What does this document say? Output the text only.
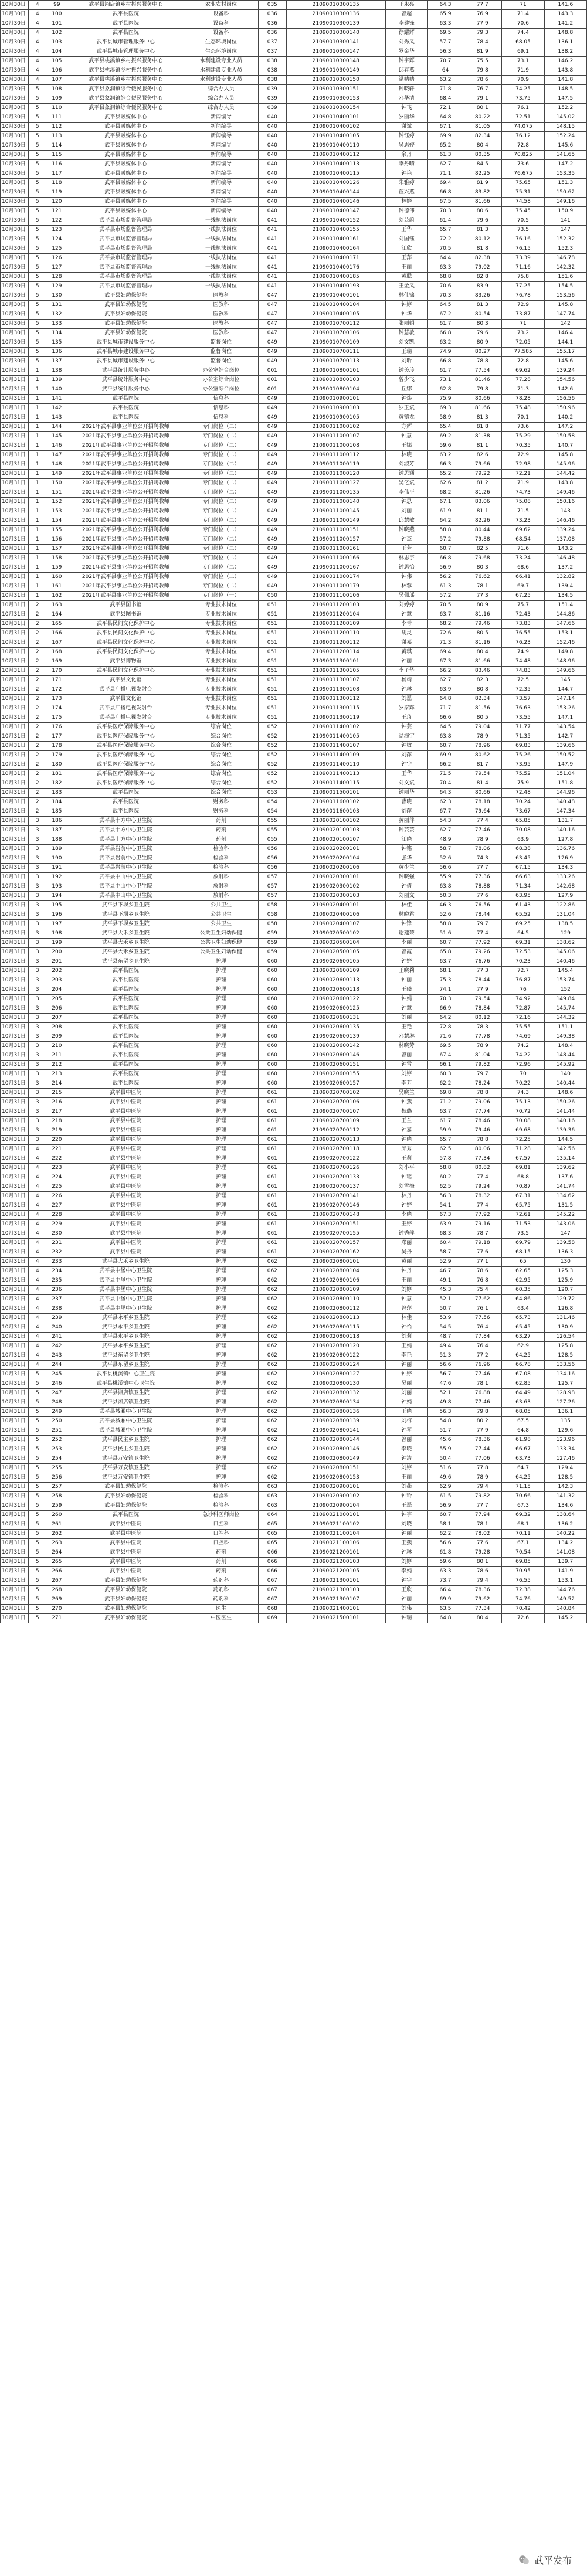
10月30日	4	99	武平县湘店镇乡村振兴服务中心	农业农村岗位	035	21090010300135	王永亮	64.3	77.7	71	141.6
10月30日	4	100	武平县医院	设备科	036	21090010300136	曾超	65.9	76.9	71.4	143.3
10月30日	4	101	武平县医院	设备科	036	21090010300139	李建锋	63.3	77.9	70.6	141.2
10月30日	4	102	武平县医院	设备科	036	21090010300140	徐耀辉	69.5	79.3	74.4	148.8
10月30日	4	103	武平县城市管理服务中心	生态环境岗位	037	21090010300141	刘秀凤	57.7	78.4	68.05	136.1
10月30日	4	104	武平县城市管理服务中心	生态环境岗位	037	21090010300147	罗金华	56.3	81.9	69.1	138.2
10月30日	4	105	武平县桃溪镇乡村振兴服务中心	水利建设专业人员	038	21090010300148	钟宇辉	70.7	75.5	73.1	146.2
10月30日	4	106	武平县桃溪镇乡村振兴服务中心	水利建设专业人员	038	21090010300149	邱春燕	64	79.8	71.9	143.8
10月30日	4	107	武平县桃溪镇乡村振兴服务中心	水利建设专业人员	038	21090010300150	温婧婧	63.2	78.6	70.9	141.8
10月30日	5	108	武平县象洞镇综合便民服务中心	综合办人员	039	21090010300151	钟晓轩	71.8	76.7	74.25	148.5
10月30日	5	109	武平县象洞镇综合便民服务中心	综合办人员	039	21090010300153	邓华清	68.4	79.1	73.75	147.5
10月30日	5	110	武平县象洞镇综合便民服务中心	综合办人员	039	21090010300154	钟飞	72.1	80.1	76.1	152.2
10月30日	5	111	武平县融媒体中心	新闻编导	040	21090010400101	罗丽华	64.8	80.22	72.51	145.02
10月30日	5	112	武平县融媒体中心	新闻编导	040	21090010400102	谢斌	67.1	81.05	74.075	148.15
10月30日	5	113	武平县融媒体中心	新闻编导	040	21090010400105	钟钰婷	69.9	82.34	76.12	152.24
10月30日	5	114	武平县融媒体中心	新闻编导	040	21090010400110	吴思婷	65.2	80.4	72.8	145.6
10月30日	5	115	武平县融媒体中心	新闻编导	040	21090010400112	余丹	61.3	80.35	70.825	141.65
10月30日	5	116	武平县融媒体中心	新闻编导	040	21090010400113	李丹晴	62.7	84.5	73.6	147.2
10月30日	5	117	武平县融媒体中心	新闻编导	040	21090010400115	钟艳	71.1	82.25	76.675	153.35
10月30日	5	118	武平县融媒体中心	新闻编导	040	21090010400126	朱雅婷	69.4	81.9	75.65	151.3
10月30日	5	119	武平县融媒体中心	新闻编导	040	21090010400144	蓝兴燕	66.8	83.82	75.31	150.62
10月30日	5	120	武平县融媒体中心	新闻编导	040	21090010400146	林婷	67.5	81.66	74.58	149.16
10月30日	5	121	武平县融媒体中心	新闻编导	040	21090010400147	钟德伟	70.3	80.6	75.45	150.9
10月30日	5	122	武平县市场监督管理局	一线执法岗位	041	21090010400152	刘芸蔚	61.4	79.6	70.5	141
10月30日	5	123	武平县市场监督管理局	一线执法岗位	041	21090010400155	王华	65.7	81.3	73.5	147
10月30日	5	124	武平县市场监督管理局	一线执法岗位	041	21090010400161	刘国钰	72.2	80.12	76.16	152.32
10月30日	5	125	武平县市场监督管理局	一线执法岗位	041	21090010400164	江欣	70.5	81.8	76.15	152.3
10月30日	5	126	武平县市场监督管理局	一线执法岗位	041	21090010400171	王萍	64.4	82.38	73.39	146.78
10月30日	5	127	武平县市场监督管理局	一线执法岗位	041	21090010400176	王丽	63.3	79.02	71.16	142.32
10月30日	5	128	武平县市场监督管理局	一线执法岗位	041	21090010400185	黄聪	68.8	82.8	75.8	151.6
10月30日	5	129	武平县市场监督管理局	一线执法岗位	041	21090010400193	王金凤	70.6	83.9	77.25	154.5
10月30日	5	130	武平县妇幼保健院	医教科	047	21090010400101	林佳锦	70.3	83.26	76.78	153.56
10月30日	5	131	武平县妇幼保健院	医教科	047	21090010400104	钟婷	64.5	81.3	72.9	145.8
10月30日	5	132	武平县妇幼保健院	医教科	047	21090010400105	钟华	67.2	80.54	73.87	147.74
10月30日	5	133	武平县妇幼保健院	医教科	047	21090010700112	张丽娟	61.7	80.3	71	142
10月30日	5	134	武平县妇幼保健院	医教科	047	21090010700106	钟慧敏	66.8	79.6	73.2	146.4
10月30日	5	135	武平县城市建设服务中心	监督岗位	049	21090010700109	刘文凯	63.2	80.9	72.05	144.1
10月30日	5	136	武平县城市建设服务中心	监督岗位	049	21090010700111	王瑞	74.9	80.27	77.585	155.17
10月30日	5	137	武平县城市建设服务中心	监督岗位	049	21090010700113	刘昕	66.8	78.8	72.8	145.6
10月31日	1	138	武平县统计服务中心	办公室综合岗位	001	21090010800101	钟美玲	61.7	77.54	69.62	139.24
10月31日	1	139	武平县统计服务中心	办公室综合岗位	001	21090010800103	曾少飞	73.1	81.46	77.28	154.56
10月31日	1	140	武平县统计服务中心	办公室综合岗位	001	21090010800104	丘娜	62.8	79.8	71.3	142.6
10月31日	1	141	武平县医院	信息科	049	21090010900101	钟炜	75.9	80.66	78.28	156.56
10月31日	1	142	武平县医院	信息科	049	21090010900103	罗玉斌	69.3	81.66	75.48	150.96
10月31日	1	143	武平县医院	信息科	049	21090010900105	黄镇龙	58.9	81.3	70.1	140.2
10月31日	1	144	2021年武平县事业单位公开招聘教师	专门岗位（二）	049	21090011000102	方辉	65.4	81.8	73.6	147.2
10月31日	1	145	2021年武平县事业单位公开招聘教师	专门岗位（二）	049	21090011000107	钟慧	69.2	81.38	75.29	150.58
10月31日	1	146	2021年武平县事业单位公开招聘教师	专门岗位（二）	049	21090011000108	王娜	59.6	81.1	70.35	140.7
10月31日	1	147	2021年武平县事业单位公开招聘教师	专门岗位（二）	049	21090011000112	林晓	63.2	82.6	72.9	145.8
10月31日	1	148	2021年武平县事业单位公开招聘教师	专门岗位（二）	049	21090011000119	刘淑芳	66.3	79.66	72.98	145.96
10月31日	1	149	2021年武平县事业单位公开招聘教师	专门岗位（二）	049	21090011000120	钟思涵	65.2	79.22	72.21	144.42
10月31日	1	150	2021年武平县事业单位公开招聘教师	专门岗位（二）	049	21090011000127	吴亿斌	62.6	81.2	71.9	143.8
10月31日	1	151	2021年武平县事业单位公开招聘教师	专门岗位（二）	049	21090011000135	李伟平	68.2	81.26	74.73	149.46
10月31日	1	152	2021年武平县事业单位公开招聘教师	专门岗位（二）	049	21090011000140	钟思	67.1	83.06	75.08	150.16
10月31日	1	153	2021年武平县事业单位公开招聘教师	专门岗位（二）	049	21090011000145	刘丽	61.9	81.1	71.5	143
10月31日	1	154	2021年武平县事业单位公开招聘教师	专门岗位（二）	049	21090011000149	邱慧敏	64.2	82.26	73.23	146.46
10月31日	1	155	2021年武平县事业单位公开招聘教师	专门岗位（二）	049	21090011000151	钟晓燕	58.8	80.44	69.62	139.24
10月31日	1	156	2021年武平县事业单位公开招聘教师	专门岗位（二）	049	21090011000157	钟杰	57.2	79.88	68.54	137.08
10月31日	1	157	2021年武平县事业单位公开招聘教师	专门岗位（二）	049	21090011000161	王芳	60.7	82.5	71.6	143.2
10月31日	1	158	2021年武平县事业单位公开招聘教师	专门岗位（二）	049	21090011000166	林思宇	66.8	79.68	73.24	146.48
10月31日	1	159	2021年武平县事业单位公开招聘教师	专门岗位（二）	049	21090011000167	钟思怡	56.9	80.3	68.6	137.2
10月31日	1	160	2021年武平县事业单位公开招聘教师	专门岗位（二）	049	21090011000174	钟伟	56.2	76.62	66.41	132.82
10月31日	1	161	2021年武平县事业单位公开招聘教师	专门岗位（二）	049	21090011000179	林蓉	61.3	78.1	69.7	139.4
10月31日	1	162	2021年武平县事业单位公开招聘教师	专门岗位（一）	050	21090011100106	吴佩瑶	57.2	77.3	67.25	134.5
10月31日	2	163	武平县图书馆	专业技术岗位	051	21090011200103	刘婷婷	70.5	80.9	75.7	151.4
10月31日	2	164	武平县图书馆	专业技术岗位	051	21090011200104	钟慧	63.7	81.16	72.43	144.86
10月31日	2	165	武平县民间文化保护中心	专业技术岗位	051	21090011200109	李青	68.2	79.46	73.83	147.66
10月31日	2	166	武平县民间文化保护中心	专业技术岗位	051	21090011200110	胡灵	72.6	80.5	76.55	153.1
10月31日	2	167	武平县民间文化保护中心	专业技术岗位	051	21090011200112	谢嘉	71.3	81.16	76.23	152.46
10月31日	2	168	武平县民间文化保护中心	专业技术岗位	051	21090011200114	黄琪	69.4	80.4	74.9	149.8
10月31日	2	169	武平县博物馆	专业技术岗位	051	21090011300101	钟丽	67.3	81.66	74.48	148.96
10月31日	2	170	武平县民间文化保护中心	专业技术岗位	051	21090011300105	李子华	66.2	83.46	74.83	149.66
10月31日	2	171	武平县文化馆	专业技术岗位	051	21090011300107	杨靖	62.7	82.3	72.5	145
10月31日	2	172	武平县广播电视发射台	专业技术岗位	051	21090011300108	钟琳	63.9	80.8	72.35	144.7
10月31日	2	173	武平县文化馆	专业技术岗位	051	21090011300112	刘磊	64.8	82.34	73.57	147.14
10月31日	2	174	武平县广播电视发射台	专业技术岗位	051	21090011300115	罗家辉	71.7	81.56	76.63	153.26
10月31日	2	175	武平县广播电视发射台	专业技术岗位	051	21090011300119	王琦	66.6	80.5	73.55	147.1
10月31日	2	176	武平县医疗保障服务中心	综合岗位	052	21090011400102	钟芸	64.5	79.04	71.77	143.54
10月31日	2	177	武平县医疗保障服务中心	综合岗位	052	21090011400105	温海宁	63.8	78.9	71.35	142.7
10月31日	2	178	武平县医疗保障服务中心	综合岗位	052	21090011400107	钟敏	60.7	78.96	69.83	139.66
10月31日	2	179	武平县医疗保障服务中心	综合岗位	052	21090011400109	刘萍	69.9	80.62	75.26	150.52
10月31日	2	180	武平县医疗保障服务中心	综合岗位	052	21090011400110	钟宇	66.2	81.7	73.95	147.9
10月31日	2	181	武平县医疗保障服务中心	综合岗位	052	21090011400113	王华	71.5	79.54	75.52	151.04
10月31日	2	182	武平县医疗保障服务中心	综合岗位	052	21090011400115	刘文斌	70.4	81.4	75.9	151.8
10月31日	2	183	武平县医院	综合岗位	053	21090011500101	钟丽华	64.3	80.66	72.48	144.96
10月31日	2	184	武平县医院	财务科	054	21090011600102	曹晓	62.3	78.18	70.24	140.48
10月31日	2	185	武平县医院	财务科	054	21090011600103	刘萍	67.7	79.64	73.67	147.34
10月31日	3	186	武平县十方中心卫生院	药剂	055	21090020100102	黄丽萍	54.3	77.4	65.85	131.7
10月31日	3	187	武平县十方中心卫生院	药剂	055	21090020100103	钟芸芸	62.7	77.46	70.08	140.16
10月31日	3	188	武平县十方中心卫生院	药剂	055	21090020100107	江晓	48.9	78.9	63.9	127.8
10月31日	3	189	武平县岩前中心卫生院	检验科	056	21090020200101	钟铭	58.7	78.06	68.38	136.76
10月31日	3	190	武平县岩前中心卫生院	检验科	056	21090020200104	张华	52.6	74.3	63.45	126.9
10月31日	3	191	武平县岩前中心卫生院	检验科	056	21090020200106	黄少兰	56.6	77.7	67.15	134.3
10月31日	3	192	武平县中山中心卫生院	放射科	057	21090020300101	钟晓强	55.9	77.36	66.63	133.26
10月31日	3	193	武平县中山中心卫生院	放射科	057	21090020300102	钟倩	63.8	78.88	71.34	142.68
10月31日	3	194	武平县中山中心卫生院	放射科	057	21090020300103	刘丽文	50.3	77.6	63.95	127.9
10月31日	3	195	武平县下坝乡卫生院	公共卫生	058	21090020400101	林佳	46.3	76.56	61.43	122.86
10月31日	3	196	武平县下坝乡卫生院	公共卫生	058	21090020400106	林晓君	52.6	78.44	65.52	131.04
10月31日	3	197	武平县下坝乡卫生院	公共卫生	058	21090020400107	钟锋	58.8	79.7	69.25	138.5
10月31日	3	198	武平县大禾乡卫生院	公共卫生妇幼保健	059	21090020500102	谢建荣	51.6	77.4	64.5	129
10月31日	3	199	武平县大禾乡卫生院	公共卫生妇幼保健	059	21090020500104	李丽	60.7	77.92	69.31	138.62
10月31日	3	200	武平县大禾乡卫生院	公共卫生妇幼保健	059	21090020500105	曾霞	65.8	79.26	72.53	145.06
10月31日	3	201	武平县东留乡卫生院	护理	060	21090020600105	钟婷	63.7	76.76	70.23	140.46
10月31日	3	202	武平县医院	护理	060	21090020600109	王晓莉	68.1	77.3	72.7	145.4
10月31日	3	203	武平县医院	护理	060	21090020600113	钟丽	75.3	78.44	76.87	153.74
10月31日	3	204	武平县医院	护理	060	21090020600118	王曦	74.1	77.9	76	152
10月31日	3	205	武平县医院	护理	060	21090020600122	钟娟	70.3	79.54	74.92	149.84
10月31日	3	206	武平县医院	护理	060	21090020600125	钟慧	66.9	78.84	72.87	145.74
10月31日	3	207	武平县医院	护理	060	21090020600131	刘丽	64.2	80.12	72.16	144.32
10月31日	3	208	武平县医院	护理	060	21090020600135	王艳	72.8	78.3	75.55	151.1
10月31日	3	209	武平县医院	护理	060	21090020600139	邓慧琳	71.6	77.78	74.69	149.38
10月31日	3	210	武平县医院	护理	060	21090020600142	林晓芳	69.5	78.9	74.2	148.4
10月31日	3	211	武平县医院	护理	060	21090020600146	曾丽	67.4	81.04	74.22	148.44
10月31日	3	212	武平县医院	护理	060	21090020600151	钟雪	66.1	79.82	72.96	145.92
10月31日	3	213	武平县医院	护理	060	21090020600155	刘婷	60.3	79.7	70	140
10月31日	3	214	武平县医院	护理	060	21090020600157	李芳	62.2	78.24	70.22	140.44
10月31日	3	215	武平县中医院	护理	061	21090020700102	吴晓兰	69.8	78.8	74.3	148.6
10月31日	3	216	武平县中医院	护理	061	21090020700106	钟燕	71.2	79.06	75.13	150.26
10月31日	3	217	武平县中医院	护理	061	21090020700107	魏璐	63.7	77.74	70.72	141.44
10月31日	3	218	武平县中医院	护理	061	21090020700109	王兰	61.7	78.46	70.08	140.16
10月31日	3	219	武平县中医院	护理	061	21090020700112	钟嘉	59.9	79.46	69.68	139.36
10月31日	3	220	武平县中医院	护理	061	21090020700113	钟晓	65.7	78.8	72.25	144.5
10月31日	4	221	武平县中医院	护理	061	21090020700118	邱秀	62.5	80.06	71.28	142.56
10月31日	4	222	武平县中医院	护理	061	21090020700122	王莉	57.8	77.34	67.57	135.14
10月31日	4	223	武平县中医院	护理	061	21090020700126	刘小平	58.8	80.82	69.81	139.62
10月31日	4	224	武平县中医院	护理	061	21090020700133	钟瑶	60.2	77.4	68.8	137.6
10月31日	4	225	武平县中医院	护理	061	21090020700137	刘雪梅	62.5	79.24	70.87	141.74
10月31日	4	226	武平县中医院	护理	061	21090020700141	林丹	56.3	78.32	67.31	134.62
10月31日	4	227	武平县中医院	护理	061	21090020700146	钟婷	54.1	77.4	65.75	131.5
10月31日	4	228	武平县中医院	护理	061	21090020700148	李晓	67.3	77.92	72.61	145.22
10月31日	4	229	武平县中医院	护理	061	21090020700151	王婷	63.9	79.16	71.53	143.06
10月31日	4	230	武平县中医院	护理	061	21090020700155	钟秀萍	68.3	78.7	73.5	147
10月31日	4	231	武平县中医院	护理	061	21090020700157	邓丽	60.4	79.18	69.79	139.58
10月31日	4	232	武平县中医院	护理	061	21090020700162	吴丹	58.7	77.6	68.15	136.3
10月31日	4	233	武平县大禾乡卫生院	护理	062	21090020800101	黄丽	52.9	77.1	65	130
10月31日	4	234	武平县中堡中心卫生院	护理	062	21090020800104	钟丹	46.7	78.6	62.65	125.3
10月31日	4	235	武平县中堡中心卫生院	护理	062	21090020800106	王丽	49.1	76.8	62.95	125.9
10月31日	4	236	武平县中堡中心卫生院	护理	062	21090020800109	刘婷	45.3	75.4	60.35	120.7
10月31日	4	237	武平县中堡中心卫生院	护理	062	21090020800110	钟慧	52.1	77.62	64.86	129.72
10月31日	4	238	武平县中堡中心卫生院	护理	062	21090020800112	曾萍	50.7	76.1	63.4	126.8
10月31日	4	239	武平县永平乡卫生院	护理	062	21090020800113	林佳	53.9	77.56	65.73	131.46
10月31日	4	240	武平县永平乡卫生院	护理	062	21090020800115	钟怡	54.5	76.4	65.45	130.9
10月31日	4	241	武平县永平乡卫生院	护理	062	21090020800118	刘莉	48.7	77.84	63.27	126.54
10月31日	4	242	武平县永平乡卫生院	护理	062	21090020800120	王娟	49.4	76.4	62.9	125.8
10月31日	4	243	武平县东留乡卫生院	护理	062	21090020800122	李艳	51.3	77.2	64.25	128.5
10月31日	4	244	武平县东留乡卫生院	护理	062	21090020800124	钟丽	56.6	76.96	66.78	133.56
10月31日	5	245	武平县桃溪镇中心卫生院	护理	062	21090020800127	钟婷	56.7	77.46	67.08	134.16
10月31日	5	246	武平县桃溪镇中心卫生院	护理	062	21090020800130	吴丽	47.6	78.1	62.85	125.7
10月31日	5	247	武平县湘店镇卫生院	护理	062	21090020800132	刘丽	52.1	76.88	64.49	128.98
10月31日	5	248	武平县湘店镇卫生院	护理	062	21090020800134	钟娟	49.8	77.46	63.63	127.26
10月31日	5	249	武平县城厢中心卫生院	护理	062	21090020800136	王晓	56.3	79.8	68.05	136.1
10月31日	5	250	武平县城厢中心卫生院	护理	062	21090020800139	刘梅	54.8	80.2	67.5	135
10月31日	5	251	武平县城厢中心卫生院	护理	062	21090020800141	钟琴	51.7	77.9	64.8	129.6
10月31日	5	252	武平县民主乡卫生院	护理	062	21090020800144	曾丽	45.6	78.36	61.98	123.96
10月31日	5	253	武平县民主乡卫生院	护理	062	21090020800146	李晓	55.9	77.44	66.67	133.34
10月31日	5	254	武平县万安镇卫生院	护理	062	21090020800149	钟洁	50.4	77.06	63.73	127.46
10月31日	5	255	武平县万安镇卫生院	护理	062	21090020800151	刘婷	51.6	77.8	64.7	129.4
10月31日	5	256	武平县万安镇卫生院	护理	062	21090020800153	王丽	49.6	78.9	64.25	128.5
10月31日	5	257	武平县妇幼保健院	检验科	063	21090020900101	刘燕	62.9	79.4	71.15	142.3
10月31日	5	258	武平县妇幼保健院	检验科	063	21090020900102	钟玲	61.5	79.82	70.66	141.32
10月31日	5	259	武平县妇幼保健院	检验科	063	21090020900104	王磊	56.9	77.7	67.3	134.6
10月31日	5	260	武平县医院	急诊科医师岗位	064	21090021000101	钟宇	60.7	77.94	69.32	138.64
10月31日	5	261	武平县中医院	口腔科	065	21090021100102	刘晓	58.1	78.1	68.1	136.2
10月31日	5	262	武平县中医院	口腔科	065	21090021100104	钟丽	62.2	78.02	70.11	140.22
10月31日	5	263	武平县中医院	口腔科	065	21090021100106	王燕	56.6	77.6	67.1	134.2
10月31日	5	264	武平县中医院	药剂	066	21090021200101	钟琳	61.8	79.28	70.54	141.08
10月31日	5	265	武平县中医院	药剂	066	21090021200103	刘婷	59.6	80.1	69.85	139.7
10月31日	5	266	武平县中医院	药剂	066	21090021200105	李娟	63.3	78.6	70.95	141.9
10月31日	5	267	武平县妇幼保健院	药剂科	067	21090021300101	钟宇	73.7	79.4	76.55	153.1
10月31日	5	268	武平县妇幼保健院	药剂科	067	21090021300103	王欣	66.4	78.36	72.38	144.76
10月31日	5	269	武平县妇幼保健院	药剂科	067	21090021300107	钟丽	69.9	79.62	74.76	149.52
10月31日	5	270	武平县妇幼保健院	医生	068	21090021400101	刘伟	63.5	77.34	70.42	140.84
10月31日	5	271	武平县妇幼保健院	中医医生	069	21090021500101	钟瑞	64.8	80.4	72.6	145.2
武平发布
